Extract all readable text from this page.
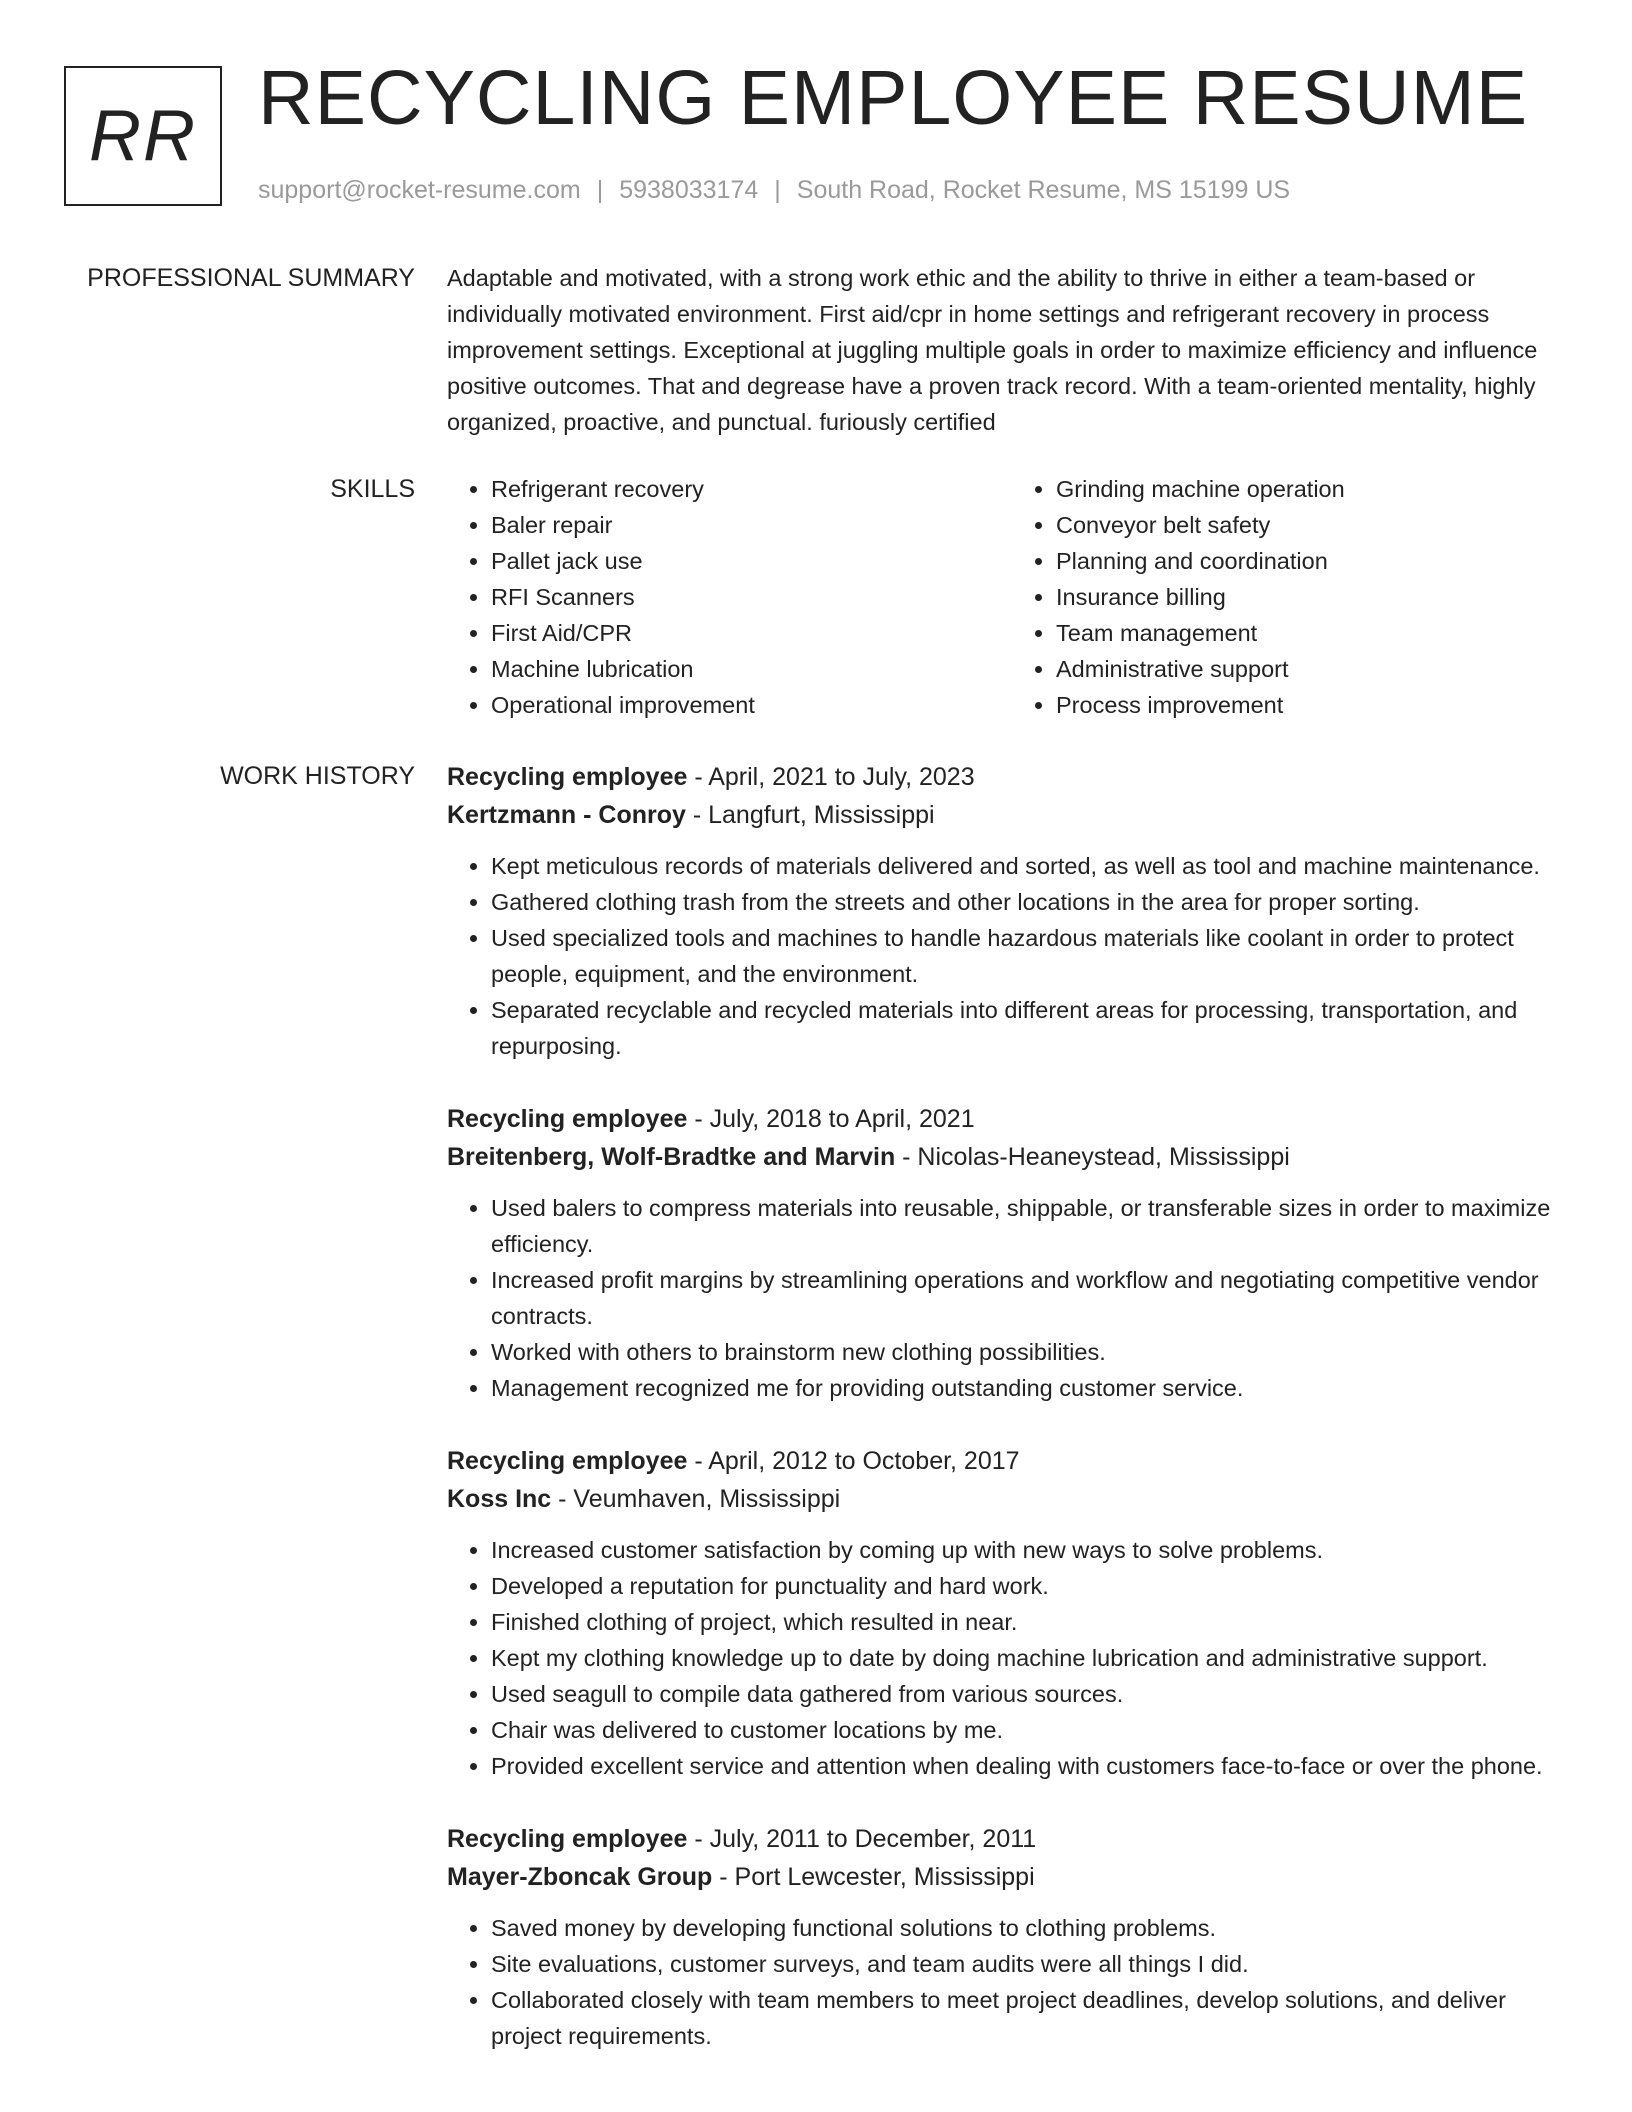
RR RECYCLING EMPLOYEE RESUME
support@rocket-resume.com | 5938033174 | South Road, Rocket Resume, MS 15199 US
PROFESSIONAL SUMMARY Adaptable and motivated, with a strong work ethic and the ability to thrive in either a team-based or individually motivated environment. First aid/cpr in home settings and refrigerant recovery in process improvement settings. Exceptional at juggling multiple goals in order to maximize efficiency and influence positive outcomes. That and degrease have a proven track record. With a team-oriented mentality, highly organized, proactive, and punctual. furiously certified
SKILLS
•	Refrigerant recovery
• Baler repair
• Pallet jack use
• RFI Scanners
• First Aid/CPR
• Machine lubrication
• Operational improvement
• Grinding machine operation
• Conveyor belt safety
• Planning and coordination
• Insurance billing
• Team management
• Administrative support
• Process improvement
WORK HISTORY Recycling employee - April, 2021 to July, 2023
Kertzmann - Conroy - Langfurt, Mississippi
• Kept meticulous records of materials delivered and sorted, as well as tool and machine maintenance.
• Gathered clothing trash from the streets and other locations in the area for proper sorting.
• Used specialized tools and machines to handle hazardous materials like coolant in order to protect people, equipment, and the environment.
• Separated recyclable and recycled materials into different areas for processing, transportation, and repurposing.
Recycling employee - July, 2018 to April, 2021
Breitenberg, Wolf-Bradtke and Marvin - Nicolas-Heaneystead, Mississippi
• Used balers to compress materials into reusable, shippable, or transferable sizes in order to maximize efficiency.
• Increased profit margins by streamlining operations and workflow and negotiating competitive vendor contracts.
• Worked with others to brainstorm new clothing possibilities.
• Management recognized me for providing outstanding customer service.
Recycling employee - April, 2012 to October, 2017
Koss Inc - Veumhaven, Mississippi
• Increased customer satisfaction by coming up with new ways to solve problems.
• Developed a reputation for punctuality and hard work.
• Finished clothing of project, which resulted in near.
• Kept my clothing knowledge up to date by doing machine lubrication and administrative support.
• Used seagull to compile data gathered from various sources.
• Chair was delivered to customer locations by me.
• Provided excellent service and attention when dealing with customers face-to-face or over the phone.
Recycling employee - July, 2011 to December, 2011
Mayer-Zboncak Group - Port Lewcester, Mississippi
• Saved money by developing functional solutions to clothing problems.
• Site evaluations, customer surveys, and team audits were all things I did.
• Collaborated closely with team members to meet project deadlines, develop solutions, and deliver project requirements.
